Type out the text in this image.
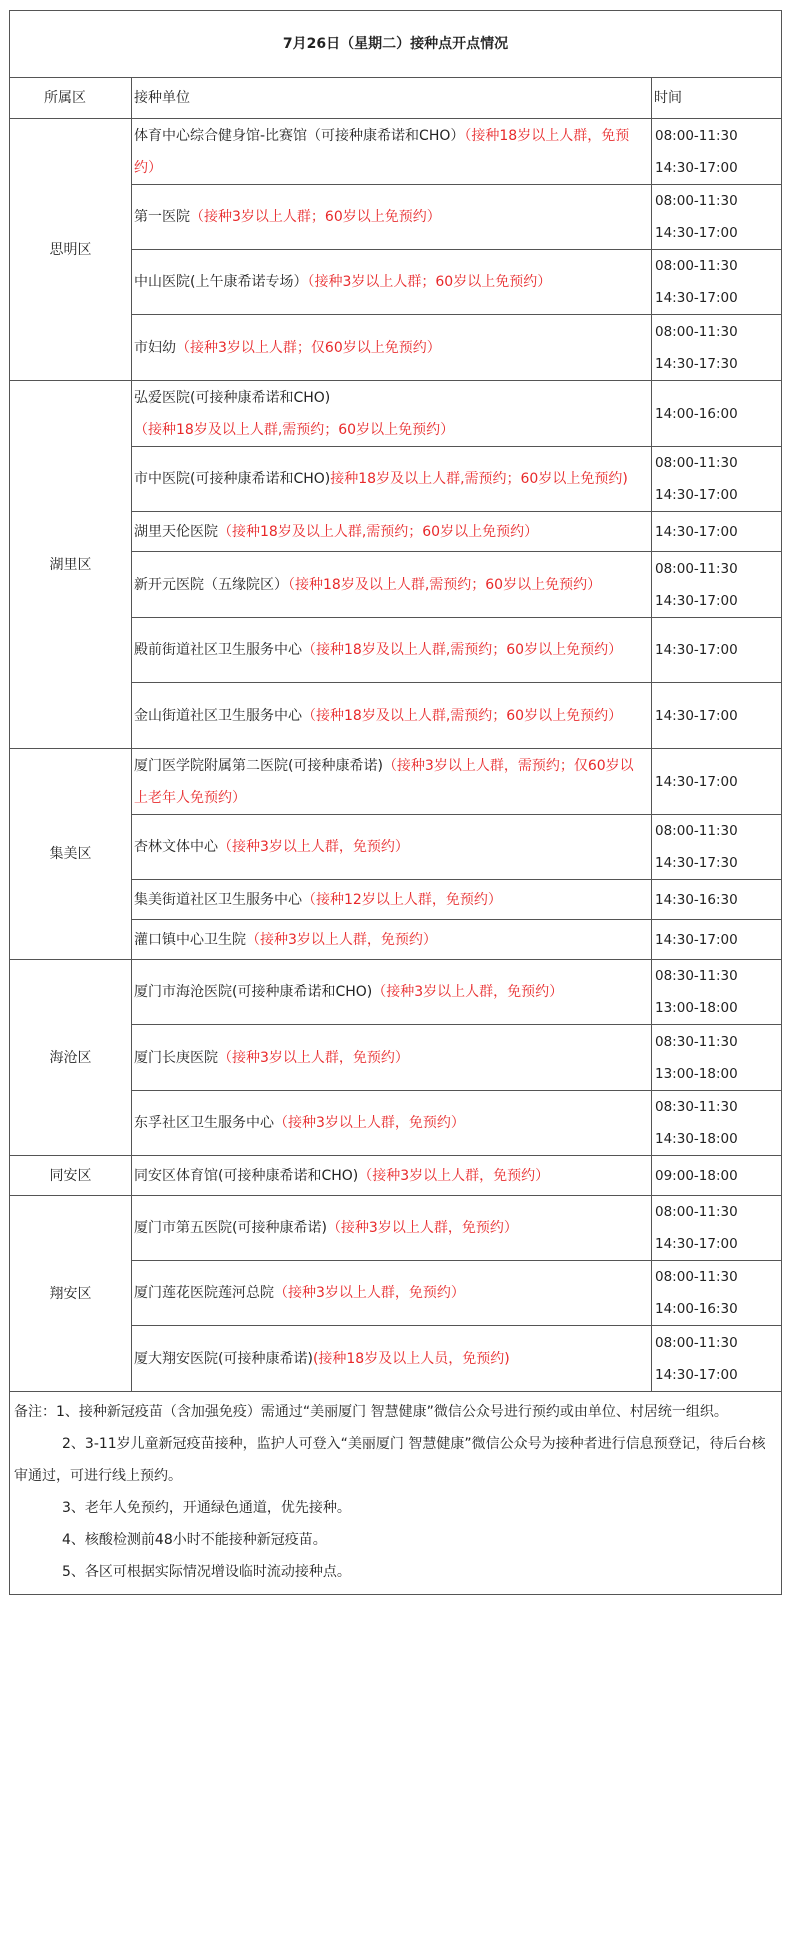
7月26日（星期二）接种点开点情况		
所属区	接种单位	时间
思明区	体育中心综合健身馆-比赛馆（可接种康希诺和CHO）（接种18岁以上人群，免预约）	08:00-11:30
14:30-17:00

	第一医院（接种3岁以上人群；60岁以上免预约）	08:00-11:30
14:30-17:00

	中山医院(上午康希诺专场）（接种3岁以上人群；60岁以上免预约）	08:00-11:30
14:30-17:00

	市妇幼（接种3岁以上人群；仅60岁以上免预约）	08:00-11:30
14:30-17:30

湖里区	弘爱医院(可接种康希诺和CHO)（接种18岁及以上人群,需预约；60岁以上免预约）	14:00-16:00

	市中医院(可接种康希诺和CHO)接种18岁及以上人群,需预约；60岁以上免预约)	08:00-11:30
14:30-17:00

	湖里天伦医院（接种18岁及以上人群,需预约；60岁以上免预约）	14:30-17:00

	新开元医院（五缘院区）（接种18岁及以上人群,需预约；60岁以上免预约）	08:00-11:30
14:30-17:00

	殿前街道社区卫生服务中心（接种18岁及以上人群,需预约；60岁以上免预约）	14:30-17:00

	金山街道社区卫生服务中心（接种18岁及以上人群,需预约；60岁以上免预约）	14:30-17:00

集美区	厦门医学院附属第二医院(可接种康希诺)（接种3岁以上人群，需预约；仅60岁以上老年人免预约）	14:30-17:00

	杏林文体中心（接种3岁以上人群，免预约）	08:00-11:30
14:30-17:30

	集美街道社区卫生服务中心（接种12岁以上人群，免预约）	14:30-16:30

	灌口镇中心卫生院（接种3岁以上人群，免预约）	14:30-17:00

海沧区	厦门市海沧医院(可接种康希诺和CHO)（接种3岁以上人群，免预约）	08:30-11:30
13:00-18:00

	厦门长庚医院（接种3岁以上人群，免预约）	08:30-11:30
13:00-18:00

	东孚社区卫生服务中心（接种3岁以上人群，免预约）	08:30-11:30
14:30-18:00

同安区	同安区体育馆(可接种康希诺和CHO)（接种3岁以上人群，免预约）	09:00-18:00

翔安区	厦门市第五医院(可接种康希诺)（接种3岁以上人群，免预约）	08:00-11:30
14:30-17:00

	厦门莲花医院莲河总院（接种3岁以上人群，免预约）	08:00-11:30
14:00-16:30

	厦大翔安医院(可接种康希诺)(接种18岁及以上人员，免预约)	08:00-11:30
14:30-17:00

备注：1、接种新冠疫苗（含加强免疫）需通过“美丽厦门 智慧健康”微信公众号进行预约或由单位、村居统一组织。
2、3-11岁儿童新冠疫苗接种，监护人可登入“美丽厦门 智慧健康”微信公众号为接种者进行信息预登记，待后台核审通过，可进行线上预约。
3、老年人免预约，开通绿色通道，优先接种。
4、核酸检测前48小时不能接种新冠疫苗。
5、各区可根据实际情况增设临时流动接种点。		
